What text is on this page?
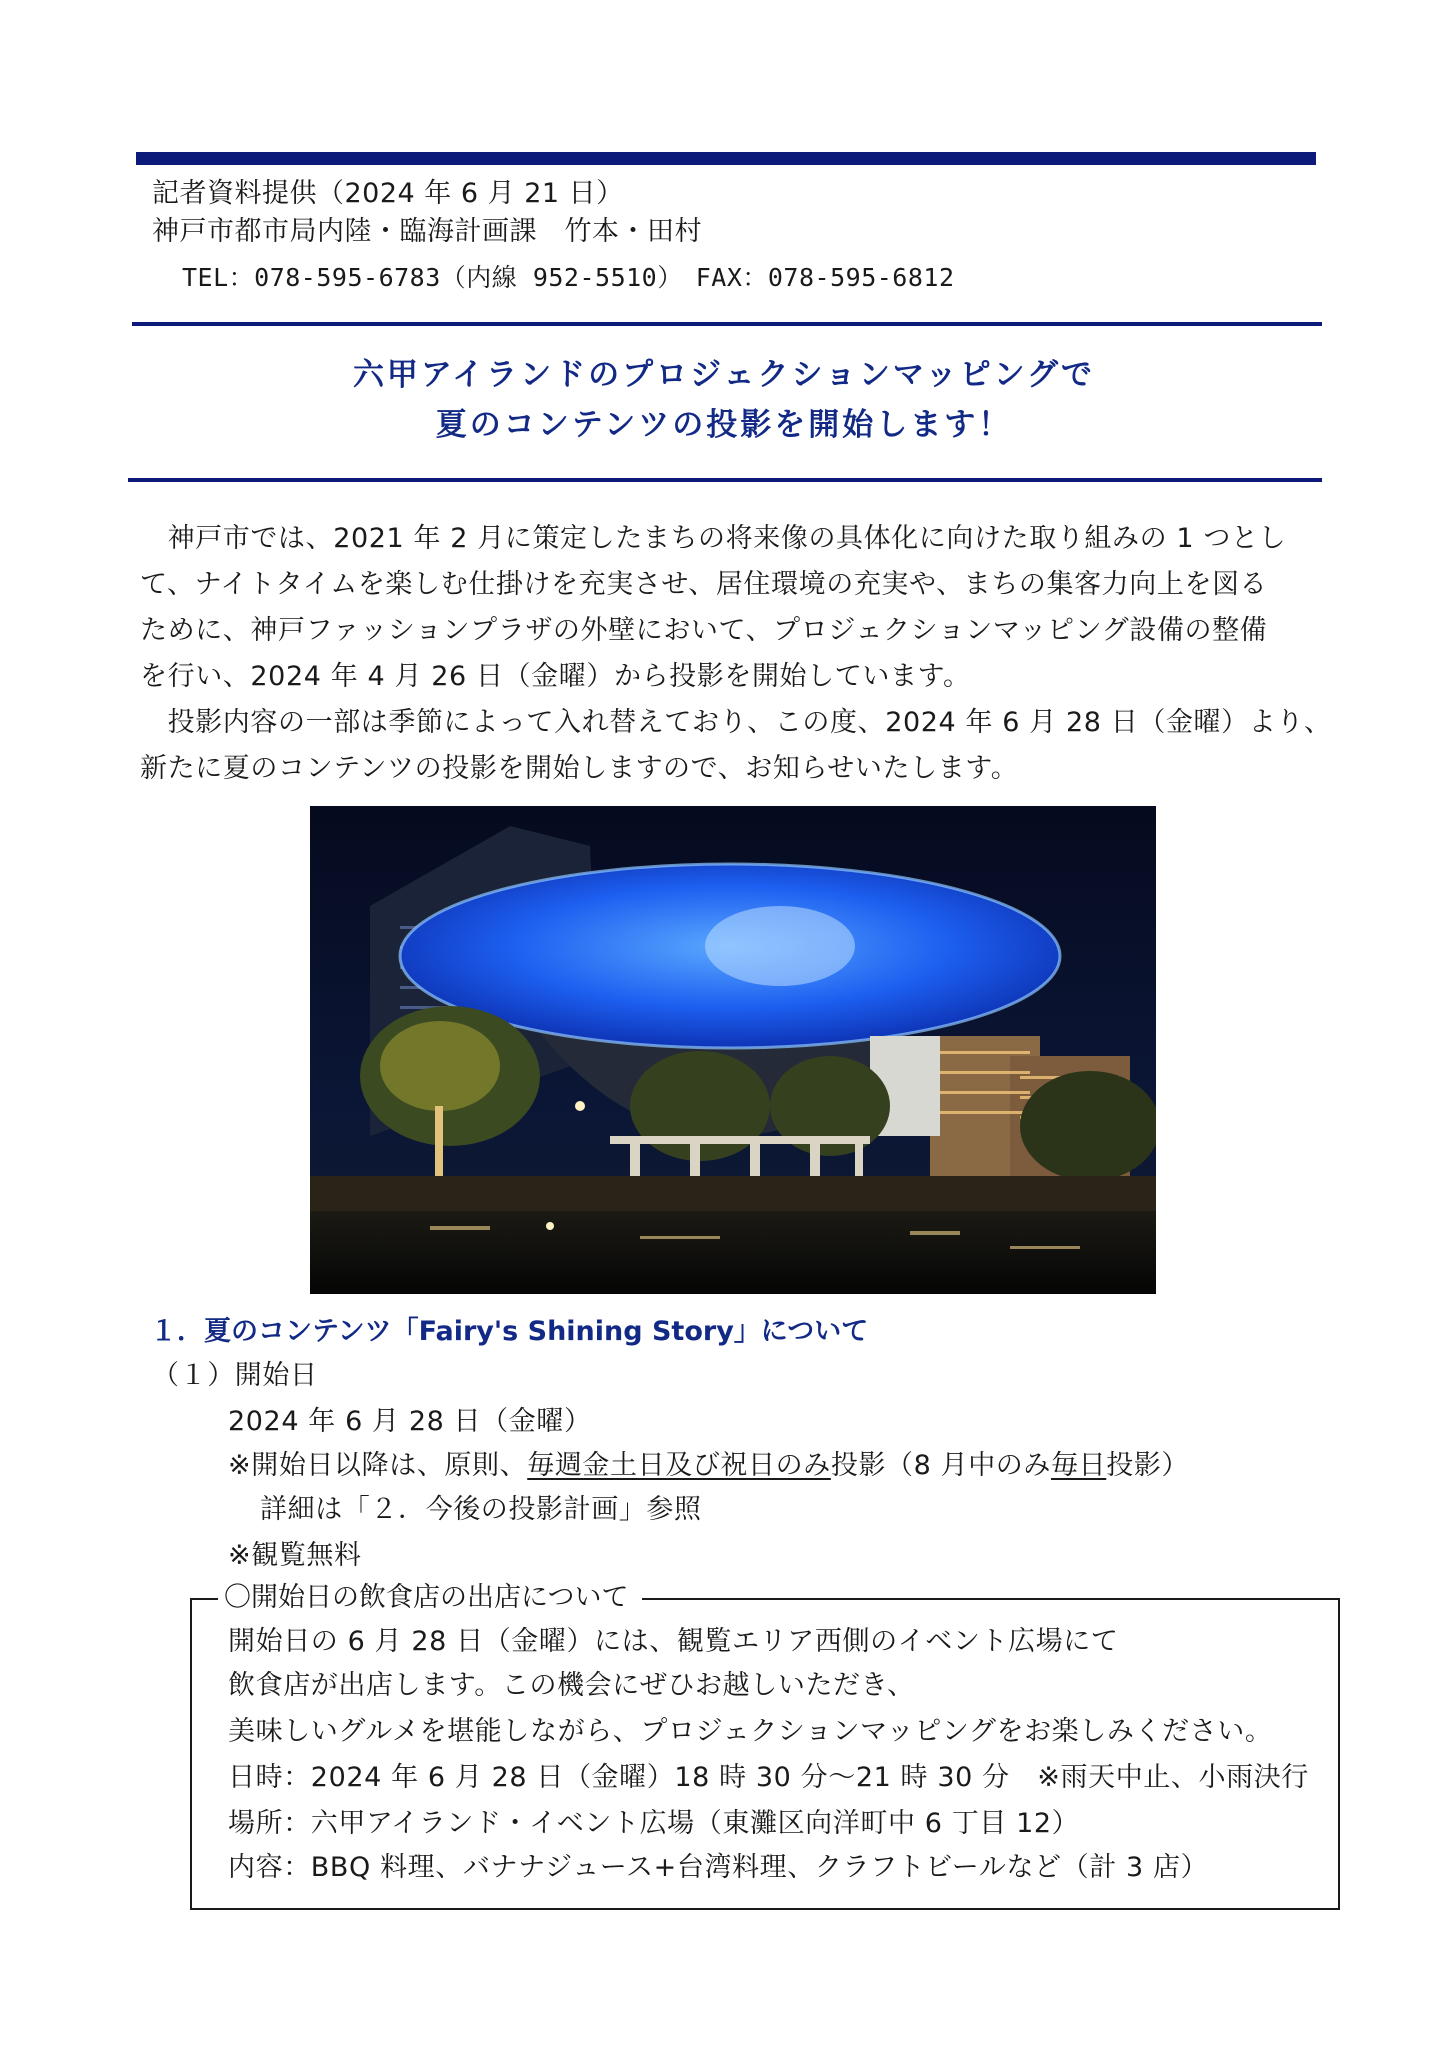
記者資料提供（2024 年 6 月 21 日）
神戸市都市局内陸・臨海計画課　竹本・田村
TEL：078-595-6783（内線 952-5510）　FAX：078-595-6812
六甲アイランドのプロジェクションマッピングで
夏のコンテンツの投影を開始します！
　神戸市では、2021 年 2 月に策定したまちの将来像の具体化に向けた取り組みの 1 つとし
て、ナイトタイムを楽しむ仕掛けを充実させ、居住環境の充実や、まちの集客力向上を図る
ために、神戸ファッションプラザの外壁において、プロジェクションマッピング設備の整備
を行い、2024 年 4 月 26 日（金曜）から投影を開始しています。
　投影内容の一部は季節によって入れ替えており、この度、2024 年 6 月 28 日（金曜）より、
新たに夏のコンテンツの投影を開始しますので、お知らせいたします。
１．夏のコンテンツ「Fairy's Shining Story」について
（１）開始日
2024 年 6 月 28 日（金曜）
※開始日以降は、原則、毎週金土日及び祝日のみ投影（8 月中のみ毎日投影）
詳細は「２．今後の投影計画」参照
※観覧無料
〇開始日の飲食店の出店について
開始日の 6 月 28 日（金曜）には、観覧エリア西側のイベント広場にて
飲食店が出店します。この機会にぜひお越しいただき、
美味しいグルメを堪能しながら、プロジェクションマッピングをお楽しみください。
日時：2024 年 6 月 28 日（金曜）18 時 30 分～21 時 30 分　※雨天中止、小雨決行
場所：六甲アイランド・イベント広場（東灘区向洋町中 6 丁目 12）
内容：BBQ 料理、バナナジュース+台湾料理、クラフトビールなど（計 3 店）
